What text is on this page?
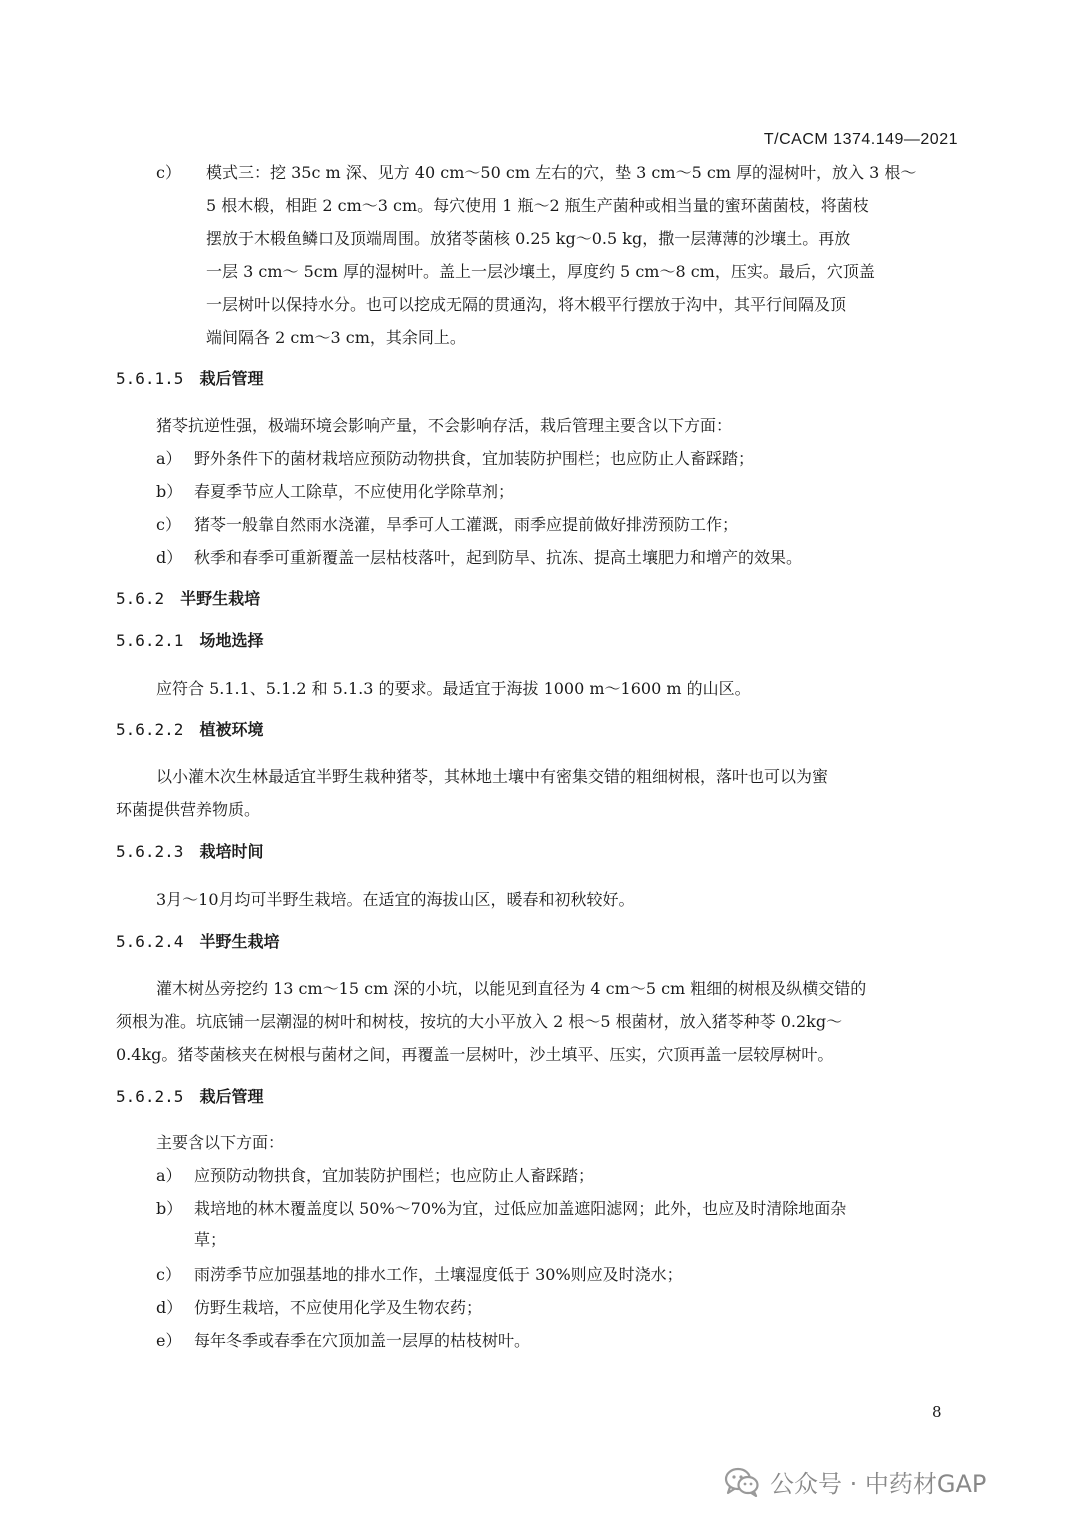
T/CACM 1374.149—2021
c） 模式三：挖 35c m 深、见方 40 cm～50 cm 左右的穴，垫 3 cm～5 cm 厚的湿树叶，放入 3 根～
5 根木椴，相距 2 cm～3 cm。每穴使用 1 瓶～2 瓶生产菌种或相当量的蜜环菌菌枝，将菌枝
摆放于木椴鱼鳞口及顶端周围。放猪苓菌核 0.25 kg～0.5 kg，撒一层薄薄的沙壤土。再放
一层 3 cm～ 5cm 厚的湿树叶。盖上一层沙壤土，厚度约 5 cm～8 cm，压实。最后，穴顶盖
一层树叶以保持水分。也可以挖成无隔的贯通沟，将木椴平行摆放于沟中，其平行间隔及顶
端间隔各 2 cm～3 cm，其余同上。
5.6.1.5 栽后管理
猪苓抗逆性强，极端环境会影响产量，不会影响存活，栽后管理主要含以下方面：
a） 野外条件下的菌材栽培应预防动物拱食，宜加装防护围栏；也应防止人畜踩踏；
b） 春夏季节应人工除草，不应使用化学除草剂；
c） 猪苓一般靠自然雨水浇灌，旱季可人工灌溉，雨季应提前做好排涝预防工作；
d） 秋季和春季可重新覆盖一层枯枝落叶，起到防旱、抗冻、提高土壤肥力和增产的效果。
5.6.2 半野生栽培
5.6.2.1 场地选择
应符合 5.1.1、5.1.2 和 5.1.3 的要求。最适宜于海拔 1000 m～1600 m 的山区。
5.6.2.2 植被环境
以小灌木次生林最适宜半野生栽种猪苓，其林地土壤中有密集交错的粗细树根，落叶也可以为蜜
环菌提供营养物质。
5.6.2.3 栽培时间
3月～10月均可半野生栽培。在适宜的海拔山区，暖春和初秋较好。
5.6.2.4 半野生栽培
灌木树丛旁挖约 13 cm～15 cm 深的小坑，以能见到直径为 4 cm～5 cm 粗细的树根及纵横交错的
须根为准。坑底铺一层潮湿的树叶和树枝，按坑的大小平放入 2 根～5 根菌材，放入猪苓种苓 0.2kg～
0.4kg。猪苓菌核夹在树根与菌材之间，再覆盖一层树叶，沙土填平、压实，穴顶再盖一层较厚树叶。
5.6.2.5 栽后管理
主要含以下方面：
a） 应预防动物拱食，宜加装防护围栏；也应防止人畜踩踏；
b） 栽培地的林木覆盖度以 50%～70%为宜，过低应加盖遮阳滤网；此外，也应及时清除地面杂
草；
c） 雨涝季节应加强基地的排水工作，土壤湿度低于 30%则应及时浇水；
d） 仿野生栽培，不应使用化学及生物农药；
e） 每年冬季或春季在穴顶加盖一层厚的枯枝树叶。
8
公众号 · 中药材GAP
